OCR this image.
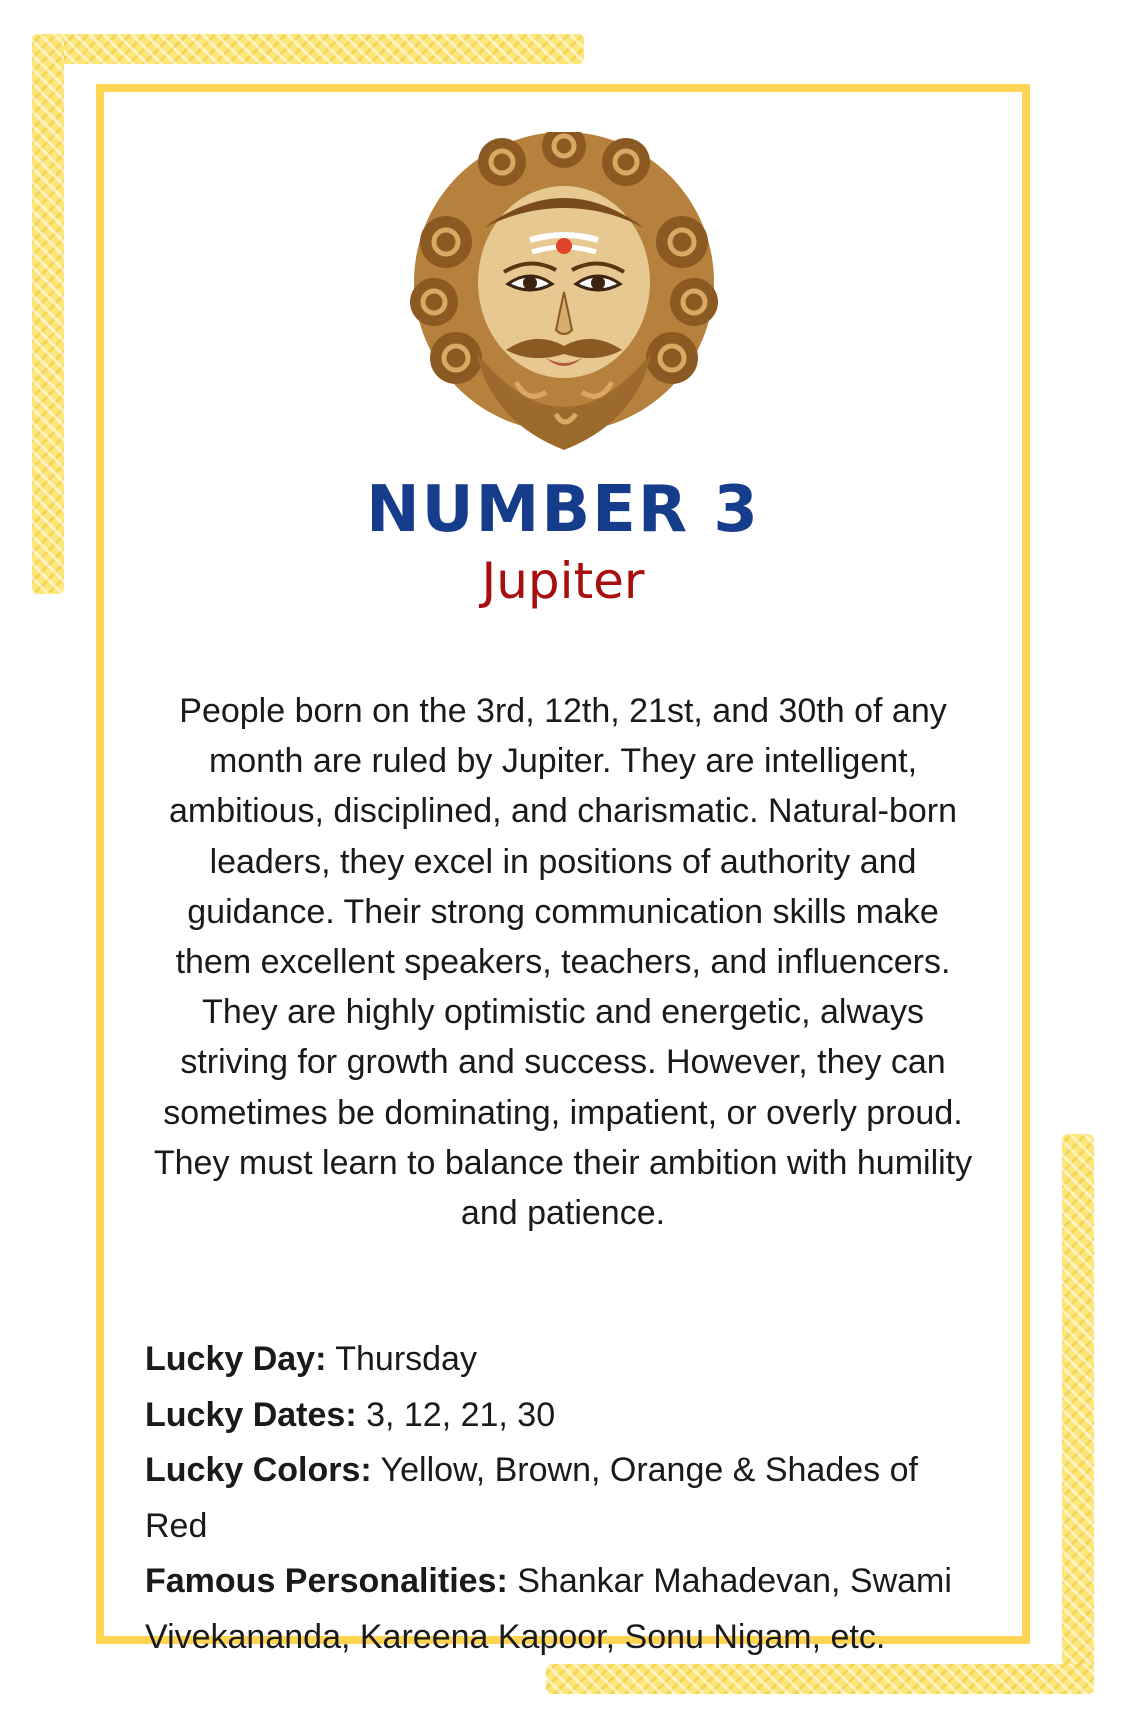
NUMBER 3
Jupiter

People born on the 3rd, 12th, 21st, and 30th of any month are ruled by Jupiter. They are intelligent, ambitious, disciplined, and charismatic. Natural-born leaders, they excel in positions of authority and guidance. Their strong communication skills make them excellent speakers, teachers, and influencers. They are highly optimistic and energetic, always striving for growth and success. However, they can sometimes be dominating, impatient, or overly proud. They must learn to balance their ambition with humility and patience.

Lucky Day: Thursday

Lucky Dates: 3, 12, 21, 30

Lucky Colors: Yellow, Brown, Orange & Shades of Red

Famous Personalities: Shankar Mahadevan, Swami Vivekananda, Kareena Kapoor, Sonu Nigam, etc.
